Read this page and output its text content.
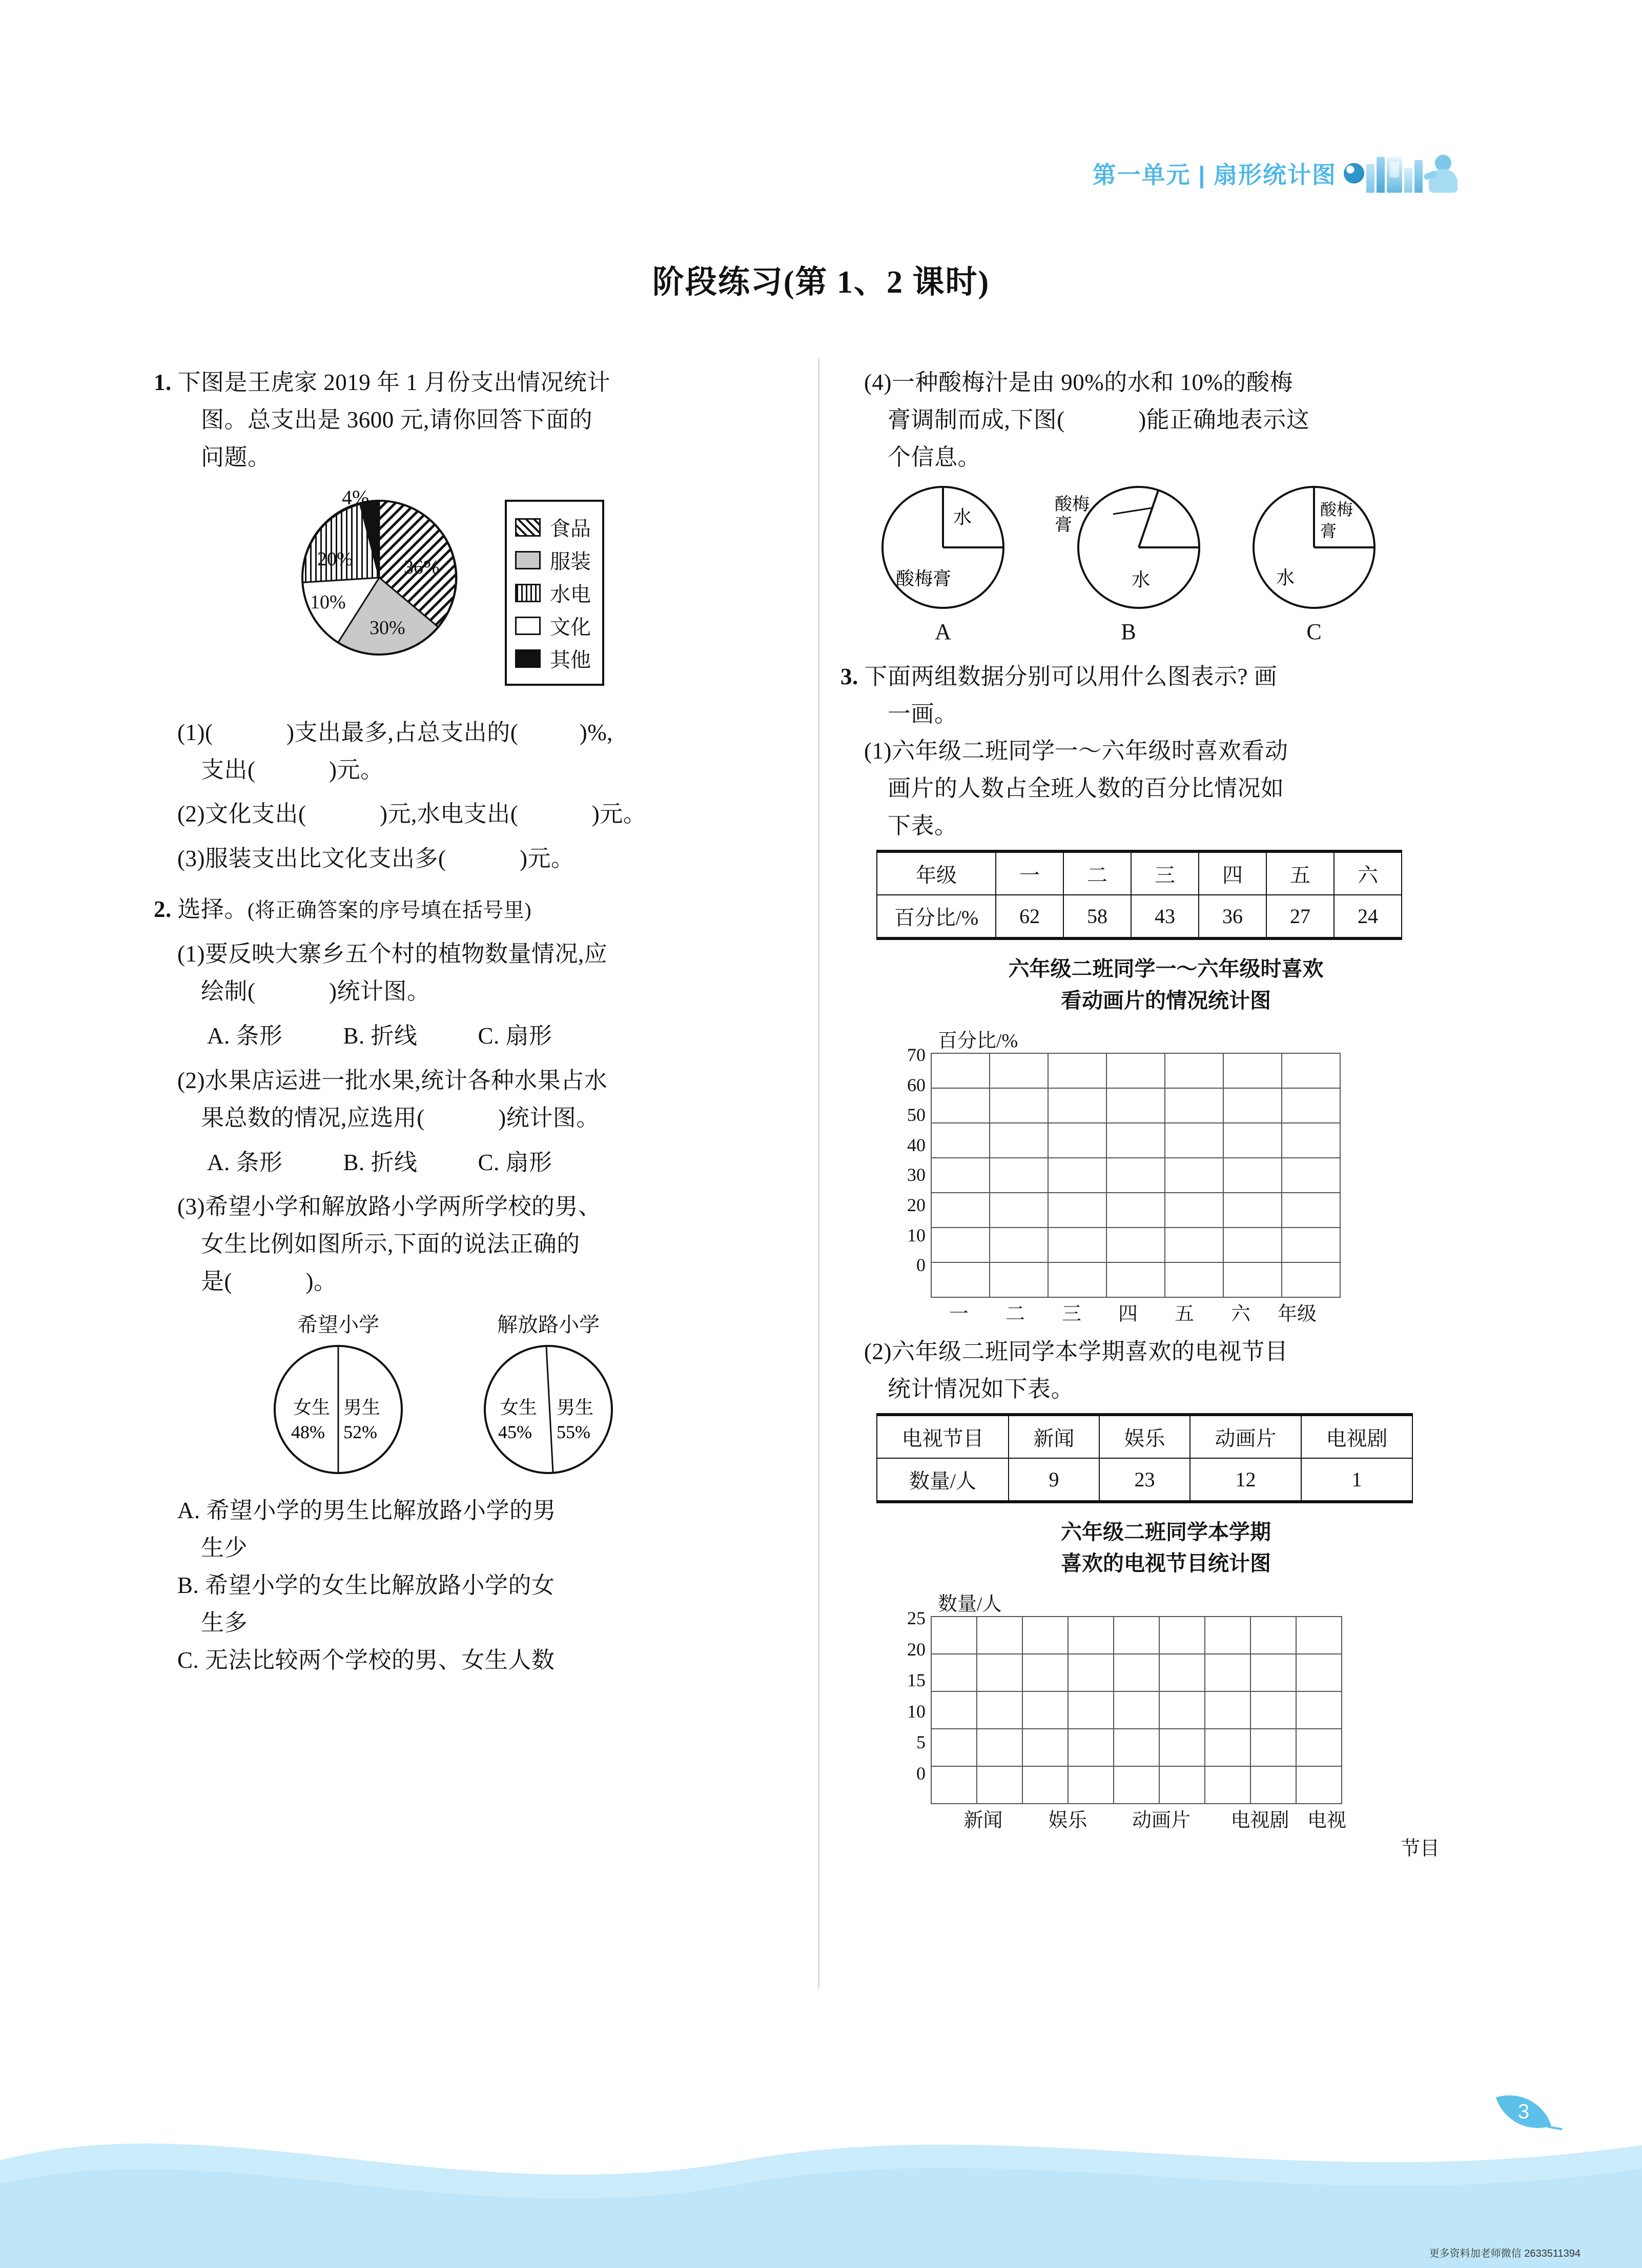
第一单元 | 扇形统计图
阶段练习(第 1、2 课时)
1. 下图是王虎家 2019 年 1 月份支出情况统计
图。总支出是 3600 元,请你回答下面的
问题。
4%
36%
30%
10%
20%
食品
服装
水电
文化
其他
(1)(	)支出最多,占总支出的(	)%,
支出(	)元。
(2)文化支出(	)元,水电支出(	)元。
(3)服装支出比文化支出多(	)元。
2. 选择。(将正确答案的序号填在括号里)
(1)要反映大寨乡五个村的植物数量情况,应
绘制(	)统计图。
A. 条形	B. 折线	C. 扇形
(2)水果店运进一批水果,统计各种水果占水
果总数的情况,应选用(	)统计图。
A. 条形	B. 折线	C. 扇形
(3)希望小学和解放路小学两所学校的男、
女生比例如图所示,下面的说法正确的
是(	)。
希望小学
女生 男生
48% 52%
解放路小学
女生 男生
45% 55%
A. 希望小学的男生比解放路小学的男
生少
B. 希望小学的女生比解放路小学的女
生多
C. 无法比较两个学校的男、女生人数
(4)一种酸梅汁是由 90%的水和 10%的酸梅
膏调制而成,下图(	)能正确地表示这
个信息。
水
酸梅膏
A
酸梅
膏
水
B
酸梅
膏
水
C
3. 下面两组数据分别可以用什么图表示? 画
一画。
(1)六年级二班同学一～六年级时喜欢看动
画片的人数占全班人数的百分比情况如
下表。
年级	一	二	三	四	五	六
百分比/%	62	58	43	36	27	24
六年级二班同学一～六年级时喜欢
看动画片的情况统计图
百分比/%
70
60
50
40
30
20
10
0

一	二	三	四	五	六	年级
(2)六年级二班同学本学期喜欢的电视节目
统计情况如下表。
电视节目	新闻	娱乐	动画片	电视剧
数量/人	9	23	12	1
六年级二班同学本学期
喜欢的电视节目统计图
数量/人
25
20
15
10
5
0

新闻	娱乐	动画片	电视剧 电视
节目
3
更多资料加老师微信 2633511394
